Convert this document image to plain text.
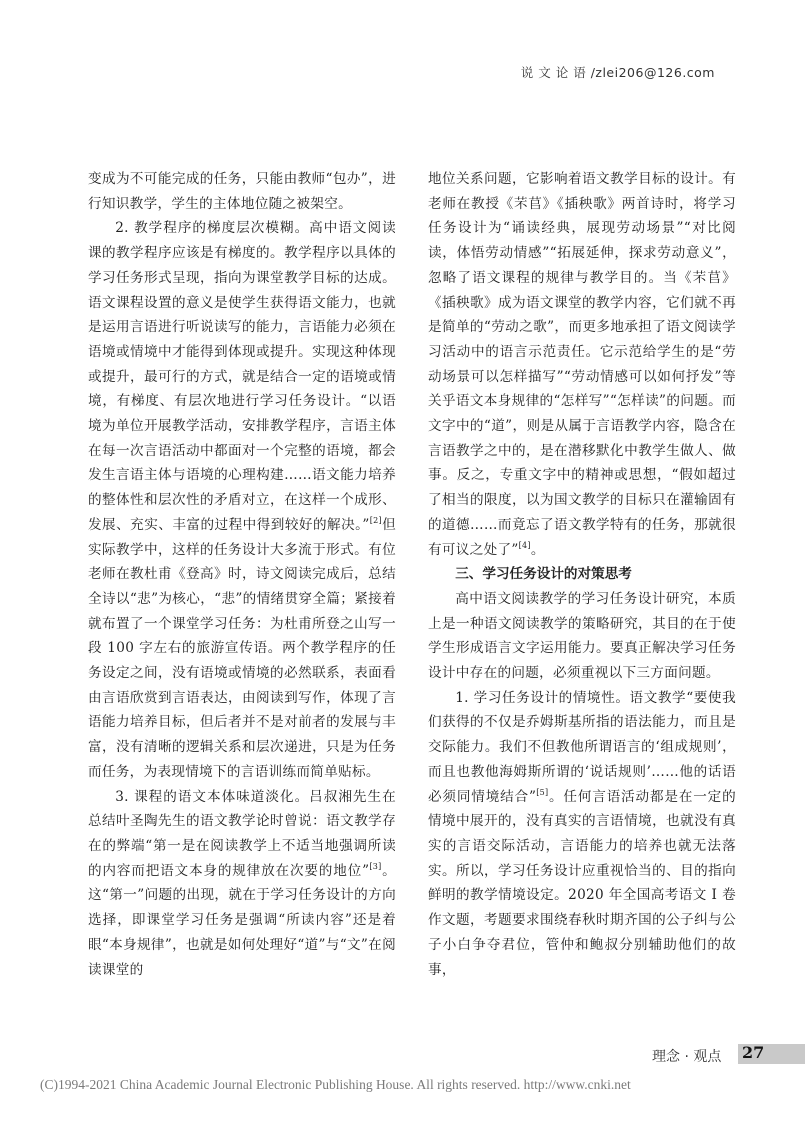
说 文 论 语 /zlei206@126.com

变成为不可能完成的任务，只能由教师“包办”，进行知识教学，学生的主体地位随之被架空。

2. 教学程序的梯度层次模糊。高中语文阅读课的教学程序应该是有梯度的。教学程序以具体的学习任务形式呈现，指向为课堂教学目标的达成。语文课程设置的意义是使学生获得语文能力，也就是运用言语进行听说读写的能力，言语能力必须在语境或情境中才能得到体现或提升。实现这种体现或提升，最可行的方式，就是结合一定的语境或情境，有梯度、有层次地进行学习任务设计。“以语境为单位开展教学活动，安排教学程序，言语主体在每一次言语活动中都面对一个完整的语境，都会发生言语主体与语境的心理构建……语文能力培养的整体性和层次性的矛盾对立，在这样一个成形、发展、充实、丰富的过程中得到较好的解决。”[2]但实际教学中，这样的任务设计大多流于形式。有位老师在教杜甫《登高》时，诗文阅读完成后，总结全诗以“悲”为核心，“悲”的情绪贯穿全篇；紧接着就布置了一个课堂学习任务：为杜甫所登之山写一段 100 字左右的旅游宣传语。两个教学程序的任务设定之间，没有语境或情境的必然联系，表面看由言语欣赏到言语表达，由阅读到写作，体现了言语能力培养目标，但后者并不是对前者的发展与丰富，没有清晰的逻辑关系和层次递进，只是为任务而任务，为表现情境下的言语训练而简单贴标。

3. 课程的语文本体味道淡化。吕叔湘先生在总结叶圣陶先生的语文教学论时曾说：语文教学存在的弊端“第一是在阅读教学上不适当地强调所读的内容而把语文本身的规律放在次要的地位”[3]。这“第一”问题的出现，就在于学习任务设计的方向选择，即课堂学习任务是强调“所读内容”还是着眼“本身规律”，也就是如何处理好“道”与“文”在阅读课堂的

地位关系问题，它影响着语文教学目标的设计。有老师在教授《芣苢》《插秧歌》两首诗时，将学习任务设计为“诵读经典，展现劳动场景”“对比阅读，体悟劳动情感”“拓展延伸，探求劳动意义”，忽略了语文课程的规律与教学目的。当《芣苢》《插秧歌》成为语文课堂的教学内容，它们就不再是简单的“劳动之歌”，而更多地承担了语文阅读学习活动中的语言示范责任。它示范给学生的是“劳动场景可以怎样描写”“劳动情感可以如何抒发”等关乎语文本身规律的“怎样写”“怎样读”的问题。而文字中的“道”，则是从属于言语教学内容，隐含在言语教学之中的，是在潜移默化中教学生做人、做事。反之，专重文字中的精神或思想，“假如超过了相当的限度，以为国文教学的目标只在灌输固有的道德……而竟忘了语文教学特有的任务，那就很有可议之处了”[4]。

三、学习任务设计的对策思考

高中语文阅读教学的学习任务设计研究，本质上是一种语文阅读教学的策略研究，其目的在于使学生形成语言文字运用能力。要真正解决学习任务设计中存在的问题，必须重视以下三方面问题。

1. 学习任务设计的情境性。语文教学“要使我们获得的不仅是乔姆斯基所指的语法能力，而且是交际能力。我们不但教他所谓语言的‘组成规则’，而且也教他海姆斯所谓的‘说话规则’……他的话语必须同情境结合”[5]。任何言语活动都是在一定的情境中展开的，没有真实的言语情境，也就没有真实的言语交际活动，言语能力的培养也就无法落实。所以，学习任务设计应重视恰当的、目的指向鲜明的教学情境设定。2020 年全国高考语文 Ⅰ 卷作文题，考题要求围绕春秋时期齐国的公子纠与公子小白争夺君位，管仲和鲍叔分别辅助他们的故事，

理念 · 观点 27
(C)1994-2021 China Academic Journal Electronic Publishing House. All rights reserved. http://www.cnki.net
